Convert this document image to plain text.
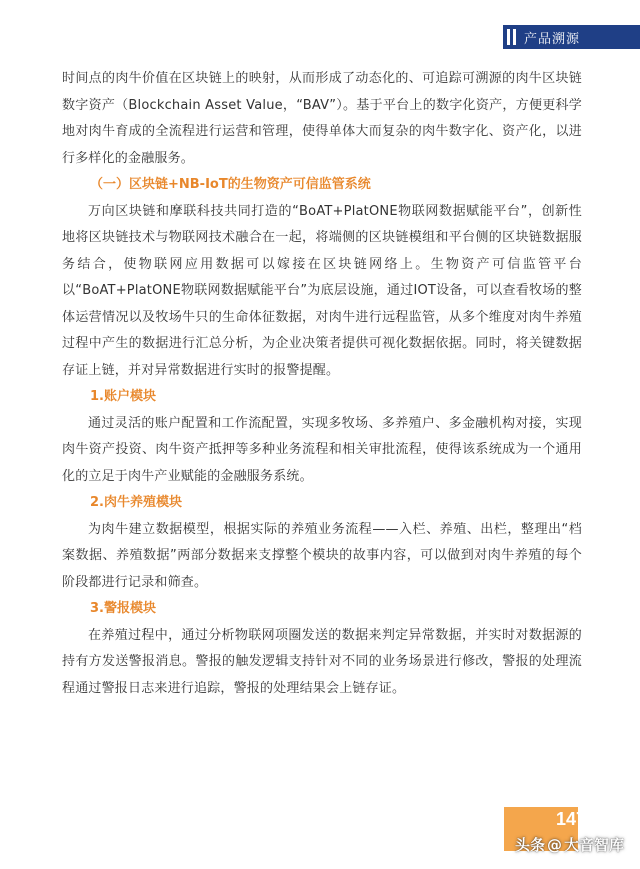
产品溯源

时间点的肉牛价值在区块链上的映射，从而形成了动态化的、可追踪可溯源的肉牛区块链数字资产（Blockchain Asset Value，“BAV”）。基于平台上的数字化资产，方便更科学地对肉牛育成的全流程进行运营和管理，使得单体大而复杂的肉牛数字化、资产化，以进行多样化的金融服务。

（一）区块链+NB-IoT的生物资产可信监管系统

万向区块链和摩联科技共同打造的“BoAT+PlatONE物联网数据赋能平台”，创新性地将区块链技术与物联网技术融合在一起，将端侧的区块链模组和平台侧的区块链数据服务结合，使物联网应用数据可以嫁接在区块链网络上。生物资产可信监管平台以“BoAT+PlatONE物联网数据赋能平台”为底层设施，通过IOT设备，可以查看牧场的整体运营情况以及牧场牛只的生命体征数据，对肉牛进行远程监管，从多个维度对肉牛养殖过程中产生的数据进行汇总分析，为企业决策者提供可视化数据依据。同时，将关键数据存证上链，并对异常数据进行实时的报警提醒。

1.账户模块

通过灵活的账户配置和工作流配置，实现多牧场、多养殖户、多金融机构对接，实现肉牛资产投资、肉牛资产抵押等多种业务流程和相关审批流程，使得该系统成为一个通用化的立足于肉牛产业赋能的金融服务系统。

2.肉牛养殖模块

为肉牛建立数据模型，根据实际的养殖业务流程——入栏、养殖、出栏，整理出“档案数据、养殖数据”两部分数据来支撑整个模块的故事内容，可以做到对肉牛养殖的每个阶段都进行记录和筛查。

3.警报模块

在养殖过程中，通过分析物联网项圈发送的数据来判定异常数据，并实时对数据源的持有方发送警报消息。警报的触发逻辑支持针对不同的业务场景进行修改，警报的处理流程通过警报日志来进行追踪，警报的处理结果会上链存证。

147
头条 @ 大音智库
